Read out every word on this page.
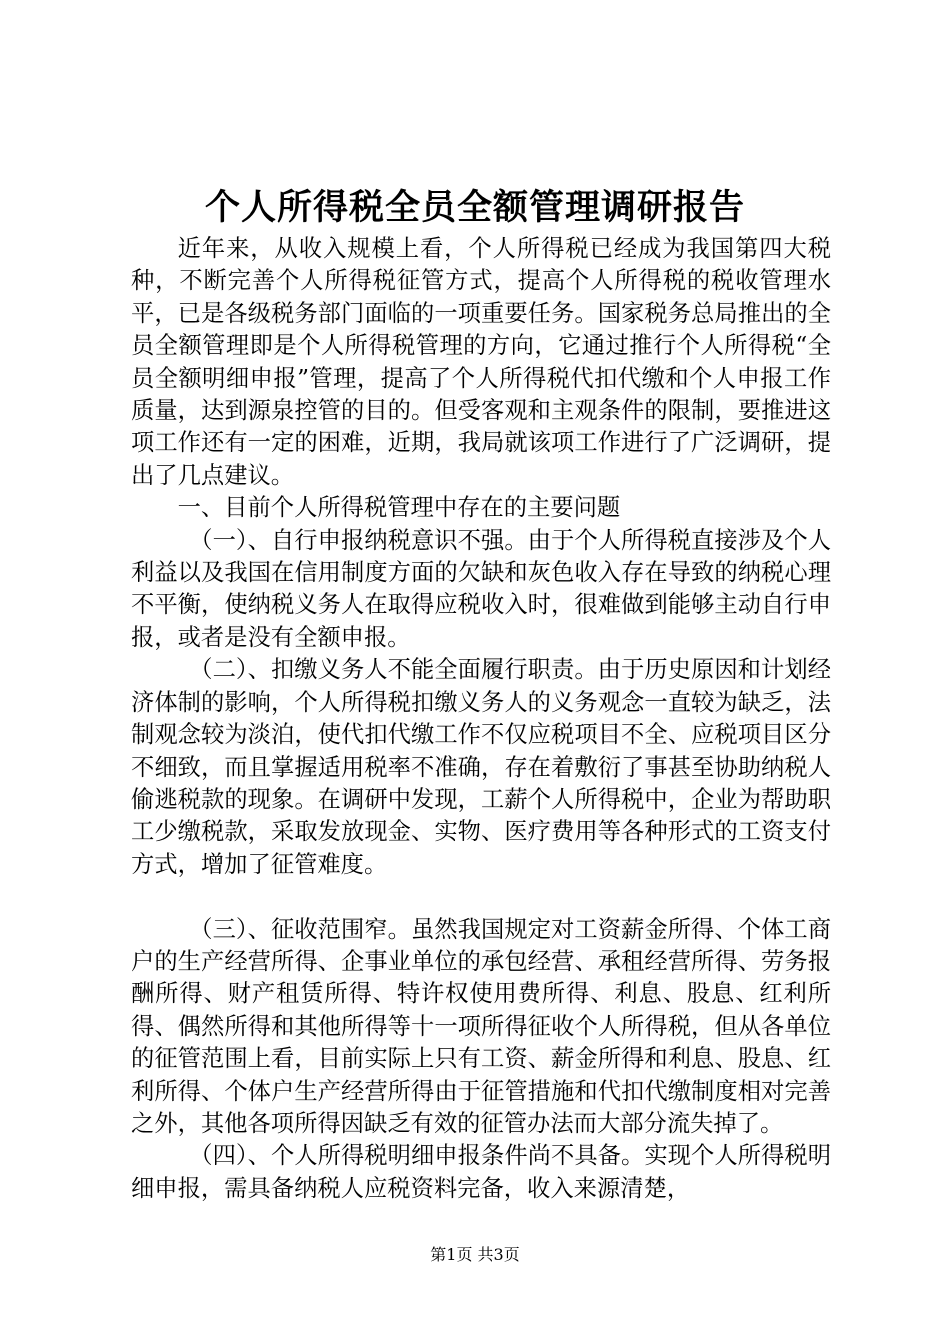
个人所得税全员全额管理调研报告

近年来，从收入规模上看，个人所得税已经成为我国第四大税种，不断完善个人所得税征管方式，提高个人所得税的税收管理水平，已是各级税务部门面临的一项重要任务。国家税务总局推出的全员全额管理即是个人所得税管理的方向，它通过推行个人所得税“全员全额明细申报”管理，提高了个人所得税代扣代缴和个人申报工作质量，达到源泉控管的目的。但受客观和主观条件的限制，要推进这项工作还有一定的困难，近期，我局就该项工作进行了广泛调研，提出了几点建议。

一、目前个人所得税管理中存在的主要问题

（一）、自行申报纳税意识不强。由于个人所得税直接涉及个人利益以及我国在信用制度方面的欠缺和灰色收入存在导致的纳税心理不平衡，使纳税义务人在取得应税收入时，很难做到能够主动自行申报，或者是没有全额申报。

（二）、扣缴义务人不能全面履行职责。由于历史原因和计划经济体制的影响，个人所得税扣缴义务人的义务观念一直较为缺乏，法制观念较为淡泊，使代扣代缴工作不仅应税项目不全、应税项目区分不细致，而且掌握适用税率不准确，存在着敷衍了事甚至协助纳税人偷逃税款的现象。在调研中发现，工薪个人所得税中，企业为帮助职工少缴税款，采取发放现金、实物、医疗费用等各种形式的工资支付方式，增加了征管难度。

（三）、征收范围窄。虽然我国规定对工资薪金所得、个体工商户的生产经营所得、企事业单位的承包经营、承租经营所得、劳务报酬所得、财产租赁所得、特许权使用费所得、利息、股息、红利所得、偶然所得和其他所得等十一项所得征收个人所得税，但从各单位的征管范围上看，目前实际上只有工资、薪金所得和利息、股息、红利所得、个体户生产经营所得由于征管措施和代扣代缴制度相对完善之外，其他各项所得因缺乏有效的征管办法而大部分流失掉了。

（四）、个人所得税明细申报条件尚不具备。实现个人所得税明细申报，需具备纳税人应税资料完备，收入来源清楚，

第1页 共3页
